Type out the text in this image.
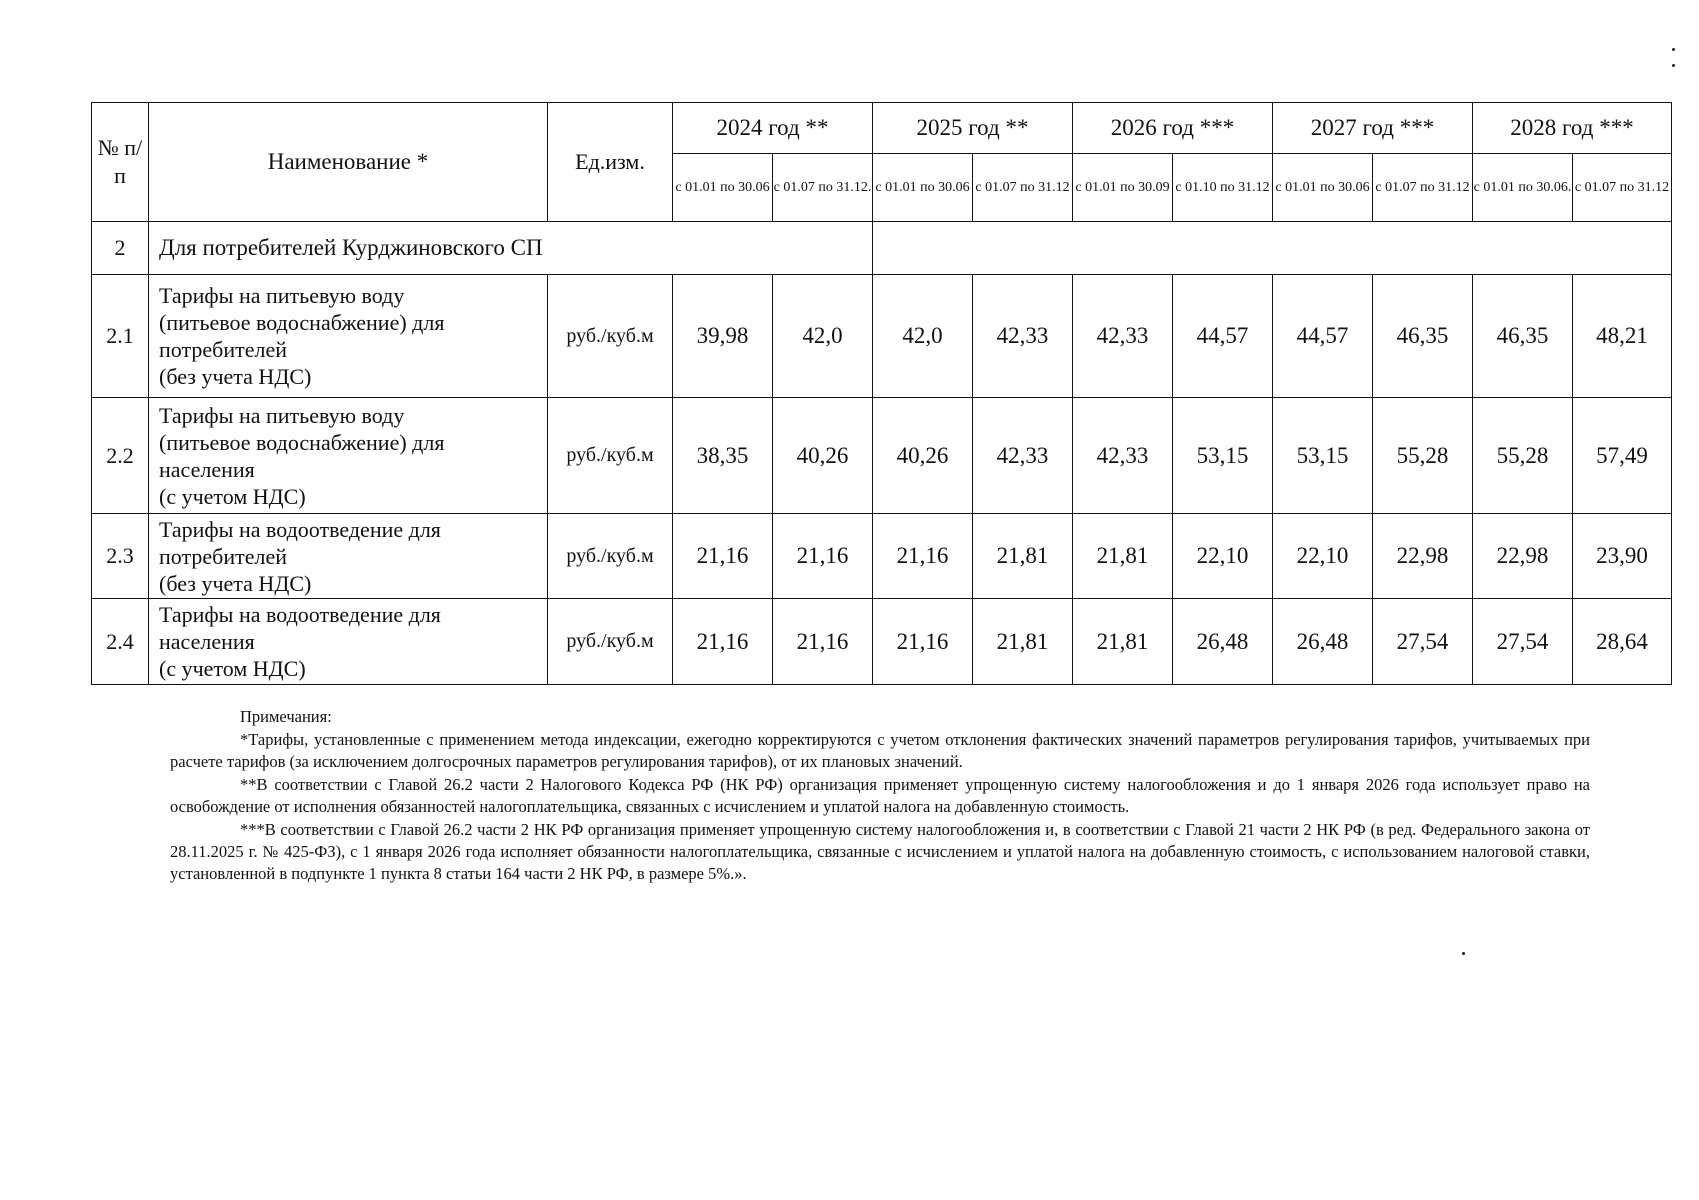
№ п/п	Наименование *	Ед.изм.	2024 год **		2025 год **		2026 год ***		2027 год ***		2028 год ***	
			с 01.01 по 30.06	с 01.07 по 31.12.	с 01.01 по 30.06	с 01.07 по 31.12	с 01.01 по 30.09	с 01.10 по 31.12	с 01.01 по 30.06	с 01.07 по 31.12	с 01.01 по 30.06.	с 01.07 по 31.12
2	Для потребителей Курджиновского СП											
2.1	Тарифы на питьевую воду
(питьевое водоснабжение) для
потребителей
(без учета НДС)	руб./куб.м	39,98	42,0	42,0	42,33	42,33	44,57	44,57	46,35	46,35	48,21
2.2	Тарифы на питьевую воду
(питьевое водоснабжение) для
населения
(с учетом НДС)	руб./куб.м	38,35	40,26	40,26	42,33	42,33	53,15	53,15	55,28	55,28	57,49
2.3	Тарифы на водоотведение для
потребителей
(без учета НДС)	руб./куб.м	21,16	21,16	21,16	21,81	21,81	22,10	22,10	22,98	22,98	23,90
2.4	Тарифы на водоотведение для
населения
(с учетом НДС)	руб./куб.м	21,16	21,16	21,16	21,81	21,81	26,48	26,48	27,54	27,54	28,64

Примечания:

*Тарифы, установленные с применением метода индексации, ежегодно корректируются с учетом отклонения фактических значений параметров регулирования тарифов, учитываемых при расчете тарифов (за исключением долгосрочных параметров регулирования тарифов), от их плановых значений.

**В соответствии с Главой 26.2 части 2 Налогового Кодекса РФ (НК РФ) организация применяет упрощенную систему налогообложения и до 1 января 2026 года использует право на освобождение от исполнения обязанностей налогоплательщика, связанных с исчислением и уплатой налога на добавленную стоимость.

***В соответствии с Главой 26.2 части 2 НК РФ организация применяет упрощенную систему налогообложения и, в соответствии с Главой 21 части 2 НК РФ (в ред. Федерального закона от 28.11.2025 г. № 425-ФЗ), с 1 января 2026 года исполняет обязанности налогоплательщика, связанные с исчислением и уплатой налога на добавленную стоимость, с использованием налоговой ставки, установленной в подпункте 1 пункта 8 статьи 164 части 2 НК РФ, в размере 5%.».
